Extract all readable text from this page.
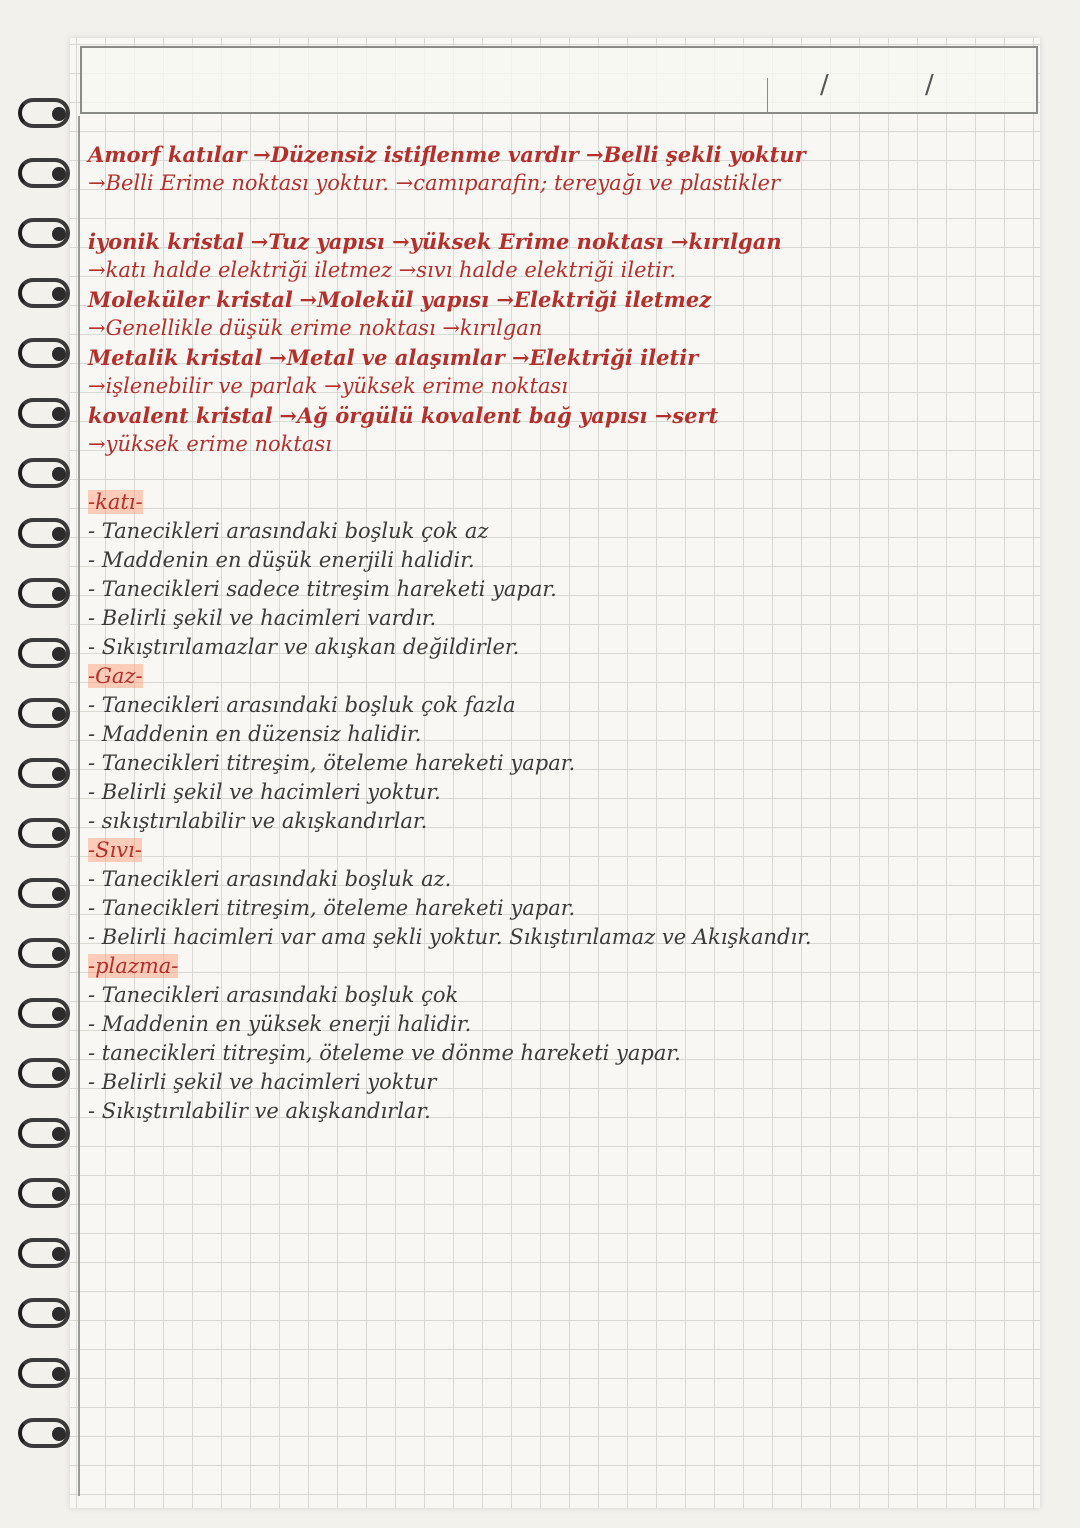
/ /
Amorf katılar →Düzensiz istiflenme vardır →Belli şekli yoktur
→Belli Erime noktası yoktur. →camıparafin; tereyağı ve plastikler
iyonik kristal →Tuz yapısı →yüksek Erime noktası →kırılgan
→katı halde elektriği iletmez →sıvı halde elektriği iletir.
Moleküler kristal →Molekül yapısı →Elektriği iletmez
→Genellikle düşük erime noktası →kırılgan
Metalik kristal →Metal ve alaşımlar →Elektriği iletir
→işlenebilir ve parlak →yüksek erime noktası
kovalent kristal →Ağ örgülü kovalent bağ yapısı →sert
→yüksek erime noktası
-katı-
- Tanecikleri arasındaki boşluk çok az
- Maddenin en düşük enerjili halidir.
- Tanecikleri sadece titreşim hareketi yapar.
- Belirli şekil ve hacimleri vardır.
- Sıkıştırılamazlar ve akışkan değildirler.
-Gaz-
- Tanecikleri arasındaki boşluk çok fazla
- Maddenin en düzensiz halidir.
- Tanecikleri titreşim, öteleme hareketi yapar.
- Belirli şekil ve hacimleri yoktur.
- sıkıştırılabilir ve akışkandırlar.
-Sıvı-
- Tanecikleri arasındaki boşluk az.
- Tanecikleri titreşim, öteleme hareketi yapar.
- Belirli hacimleri var ama şekli yoktur. Sıkıştırılamaz ve Akışkandır.
-plazma-
- Tanecikleri arasındaki boşluk çok
- Maddenin en yüksek enerji halidir.
- tanecikleri titreşim, öteleme ve dönme hareketi yapar.
- Belirli şekil ve hacimleri yoktur
- Sıkıştırılabilir ve akışkandırlar.
